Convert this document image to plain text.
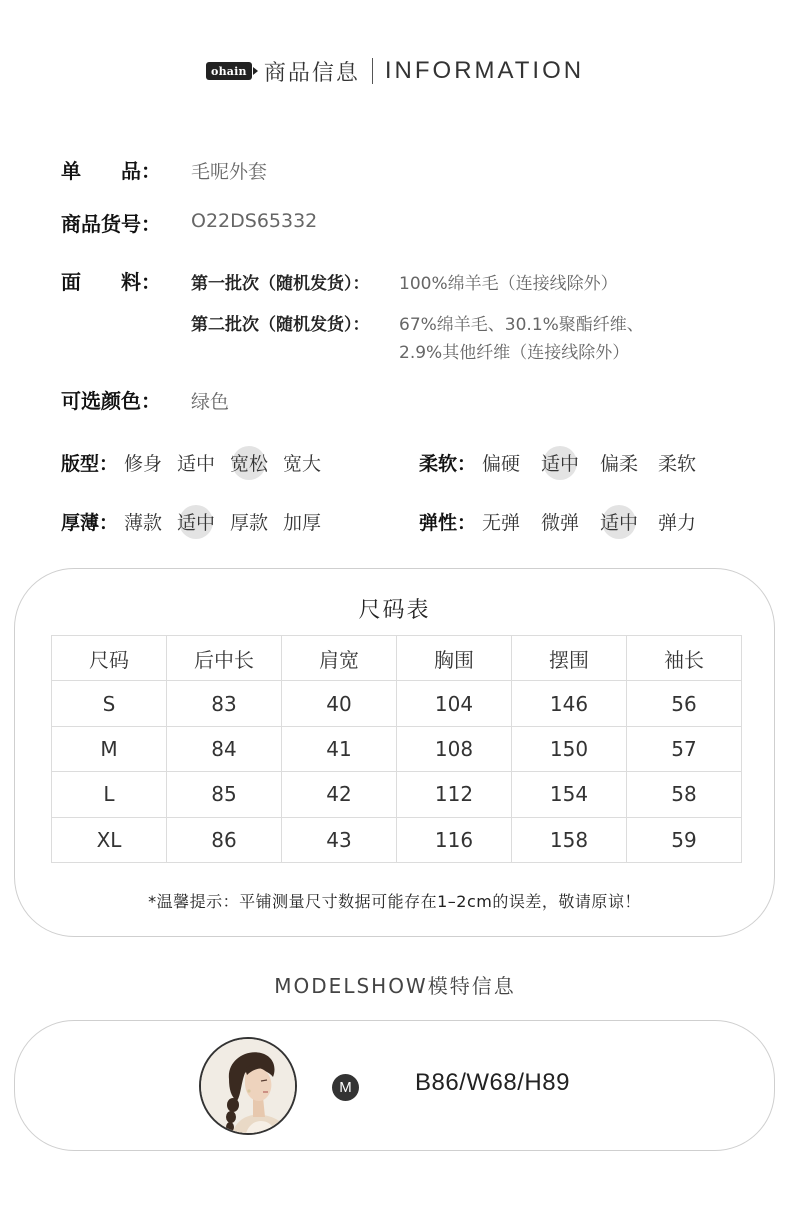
ohain 商品信息 INFORMATION
单　　品： 毛呢外套
商品货号： O22DS65332
面　　料： 第一批次（随机发货）： 100%绵羊毛（连接线除外）
第二批次（随机发货）： 67%绵羊毛、30.1%聚酯纤维、
2.9%其他纤维（连接线除外）
可选颜色： 绿色
版型： 修身 适中 宽松 宽大	柔软： 偏硬 适中 偏柔 柔软
厚薄： 薄款 适中 厚款 加厚	弹性： 无弹 微弹 适中 弹力
尺码表
尺码	后中长	肩宽	胸围	摆围	袖长
S	83	40	104	146	56
M	84	41	108	150	57
L	85	42	112	154	58
XL	86	43	116	158	59
*温馨提示：平铺测量尺寸数据可能存在1–2cm的误差，敬请原谅！
MODELSHOW模特信息
M	B86/W68/H89
